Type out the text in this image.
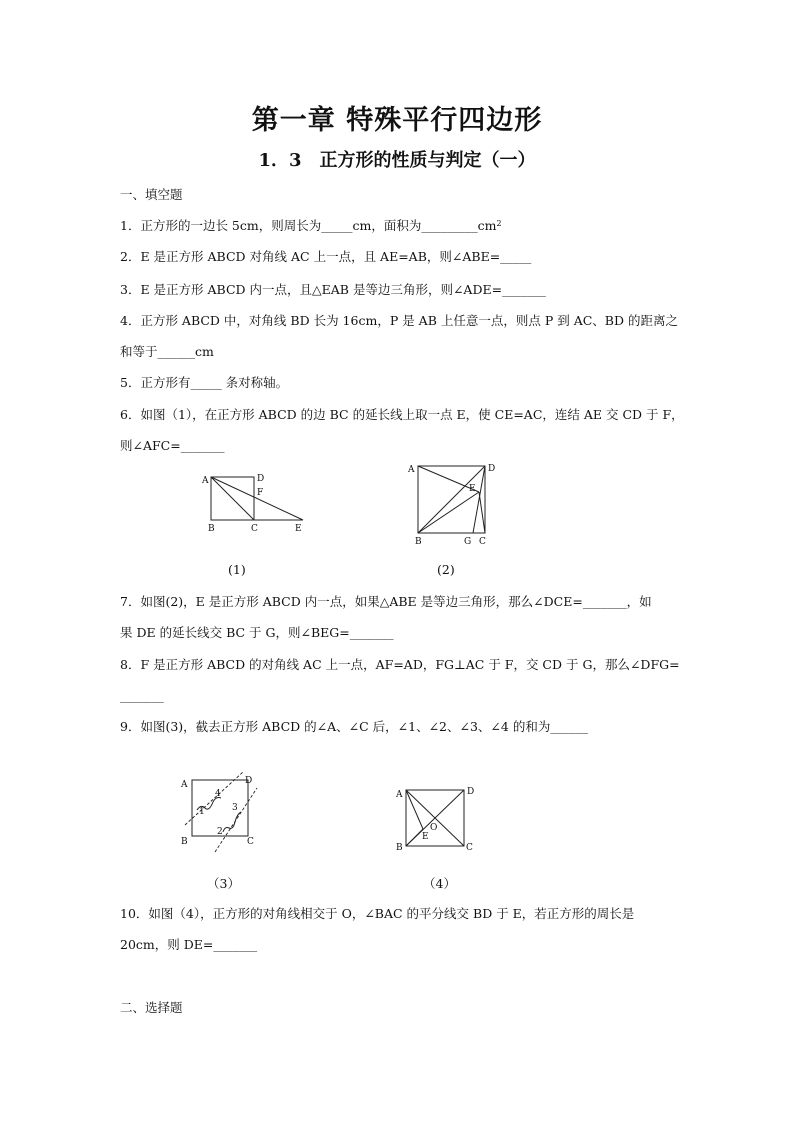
第一章 特殊平行四边形
1．3　正方形的性质与判定（一）
一、填空题
1．正方形的一边长 5cm，则周长为_____cm，面积为$\_\_\_\_\_\_\_\_\_cm^2$
2．E 是正方形 ABCD 对角线 AC 上一点，且 AE=AB，则∠ABE=_____
3．E 是正方形 ABCD 内一点，且△EAB 是等边三角形，则∠ADE=_______
4．正方形 ABCD 中，对角线 BD 长为 16cm，P 是 AB 上任意一点，则点 P 到 AC、BD 的距离之
和等于______cm
5．正方形有_____ 条对称轴。
6．如图（1），在正方形 ABCD 的边 BC 的延长线上取一点 E，使 CE=AC，连结 AE 交 CD 于 F，
则∠AFC=_______
A	D
F
B	C	E
A	D
E
B	G C
(1)	(2)
7．如图(2)，E 是正方形 ABCD 内一点，如果△ABE 是等边三角形，那么∠DCE=_______，如
果 DE 的延长线交 BC 于 G，则∠BEG=_______
8．F 是正方形 ABCD 的对角线 AC 上一点，AF=AD，FG⊥AC 于 F，交 CD 于 G，那么∠DFG=
_______
9．如图(3)，截去正方形 ABCD 的∠A、∠C 后，∠1、∠2、∠3、∠4 的和为______
A	D
B	C
1
2
3
4	A	D
O
E
B	C
（3）	（4）
10．如图（4），正方形的对角线相交于 O，∠BAC 的平分线交 BD 于 E，若正方形的周长是
20cm，则 DE=_______
二、选择题
